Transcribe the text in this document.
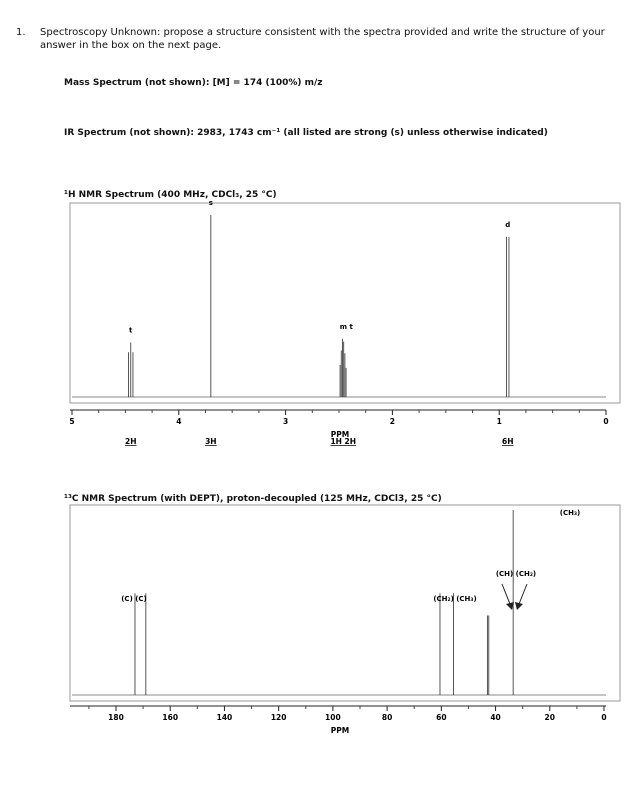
1. Spectroscopy Unknown: propose a structure consistent with the spectra provided and write the structure of your answer in the box on the next page.
Mass Spectrum (not shown): [M] = 174 (100%) m/z
IR Spectrum (not shown): 2983, 1743 cm⁻¹ (all listed are strong (s) unless otherwise indicated)
¹H NMR Spectrum (400 MHz, CDCl₃, 25 °C)
5	4	3	2	1	0
t
s
m t
d
2H	3H	1H 2H	6H
PPM
180	160	140	120	100	80	60	40	20	0
PPM
(C) (C)	(CH₂) (CH₃)
(CH) (CH₂)
(CH₃)
¹³C NMR Spectrum (with DEPT), proton-decoupled (125 MHz, CDCl3, 25 °C)
